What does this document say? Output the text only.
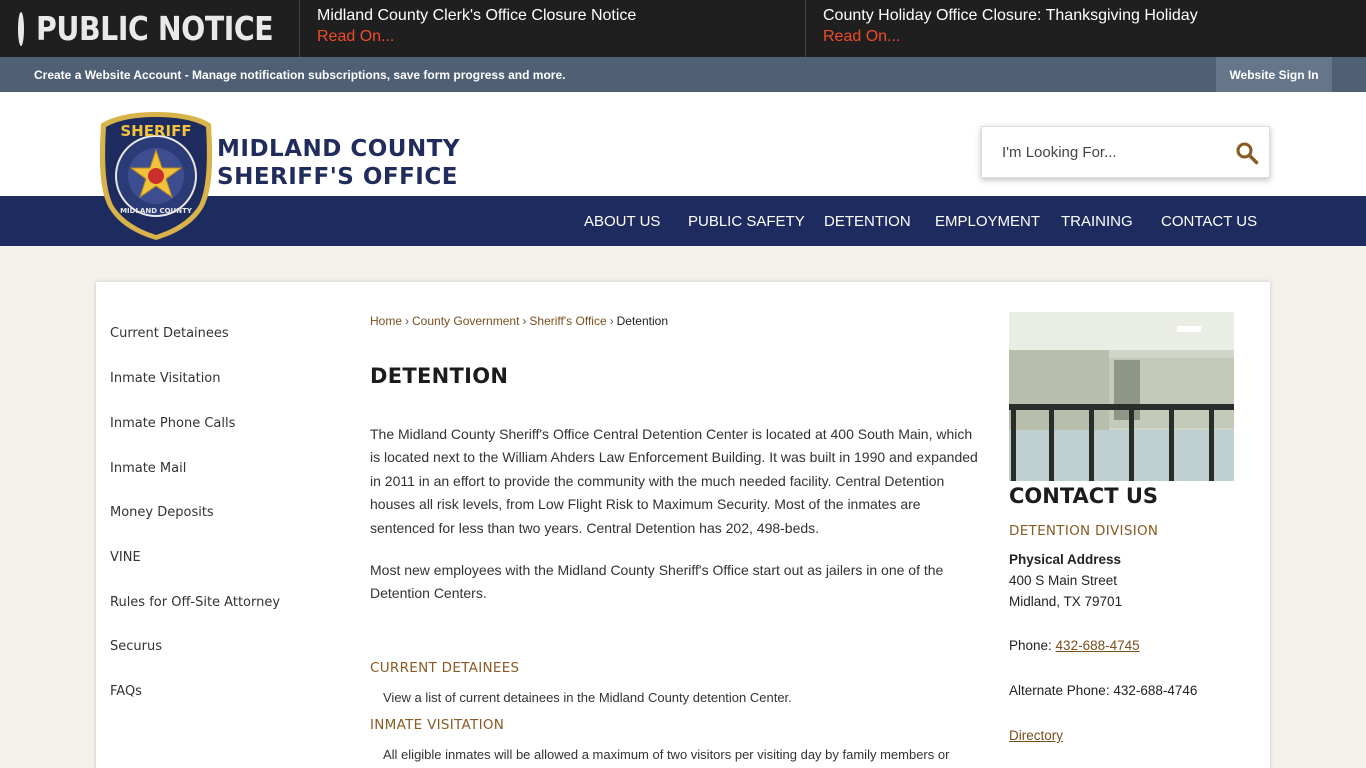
PUBLIC NOTICE	Midland County Clerk's Office Closure Notice
Read On...
County Holiday Office Closure: Thanksgiving Holiday
Read On...
Create a Website Account - Manage notification subscriptions, save form progress and more.	Website Sign In
MIDLAND COUNTY
SHERIFF'S OFFICE
I'm Looking For...
ABOUT US PUBLIC SAFETY DETENTION EMPLOYMENT TRAINING CONTACT US
SHERIFF
MIDLAND COUNTY
Current Detainees
Inmate Visitation
Inmate Phone Calls
Inmate Mail
Money Deposits
VINE
Rules for Off-Site Attorney
Securus
FAQs
Home › County Government › Sheriff's Office › Detention
DETENTION

The Midland County Sheriff's Office Central Detention Center is located at 400 South Main, which is located next to the William Ahders Law Enforcement Building. It was built in 1990 and expanded in 2011 in an effort to provide the community with the much needed facility. Central Detention houses all risk levels, from Low Flight Risk to Maximum Security. Most of the inmates are sentenced for less than two years. Central Detention has 202, 498-beds.

Most new employees with the Midland County Sheriff's Office start out as jailers in one of the Detention Centers.

CURRENT DETAINEES
View a list of current detainees in the Midland County detention Center.
INMATE VISITATION
All eligible inmates will be allowed a maximum of two visitors per visiting day by family members or
CONTACT US
DETENTION DIVISION
Physical Address
400 S Main Street
Midland, TX 79701
Phone: 432-688-4745
Alternate Phone: 432-688-4746
Directory
